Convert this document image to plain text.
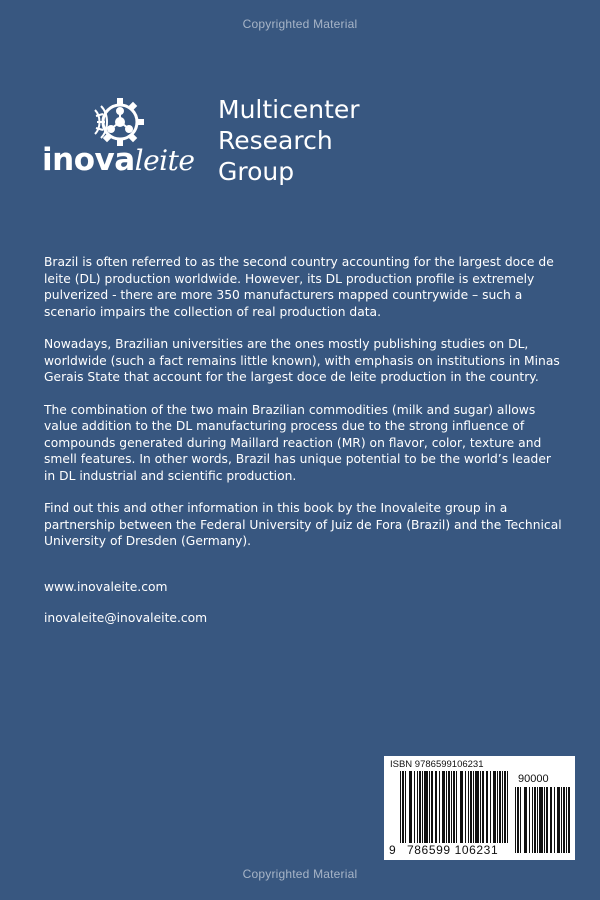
Copyrighted Material
inovaleite
Multicenter
Research
Group

Brazil is often referred to as the second country accounting for the largest doce de leite (DL) production worldwide. However, its DL production profile is extremely pulverized - there are more 350 manufacturers mapped countrywide – such a scenario impairs the collection of real production data.

Nowadays, Brazilian universities are the ones mostly publishing studies on DL, worldwide (such a fact remains little known), with emphasis on institutions in Minas Gerais State that account for the largest doce de leite production in the country.

The combination of the two main Brazilian commodities (milk and sugar) allows value addition to the DL manufacturing process due to the strong influence of compounds generated during Maillard reaction (MR) on flavor, color, texture and smell features. In other words, Brazil has unique potential to be the world’s leader in DL industrial and scientific production.

Find out this and other information in this book by the Inovaleite group in a partnership between the Federal University of Juiz de Fora (Brazil) and the Technical University of Dresden (Germany).

www.inovaleite.com
inovaleite@inovaleite.com
ISBN 9786599106231
90000
9 786599 106231
Copyrighted Material
